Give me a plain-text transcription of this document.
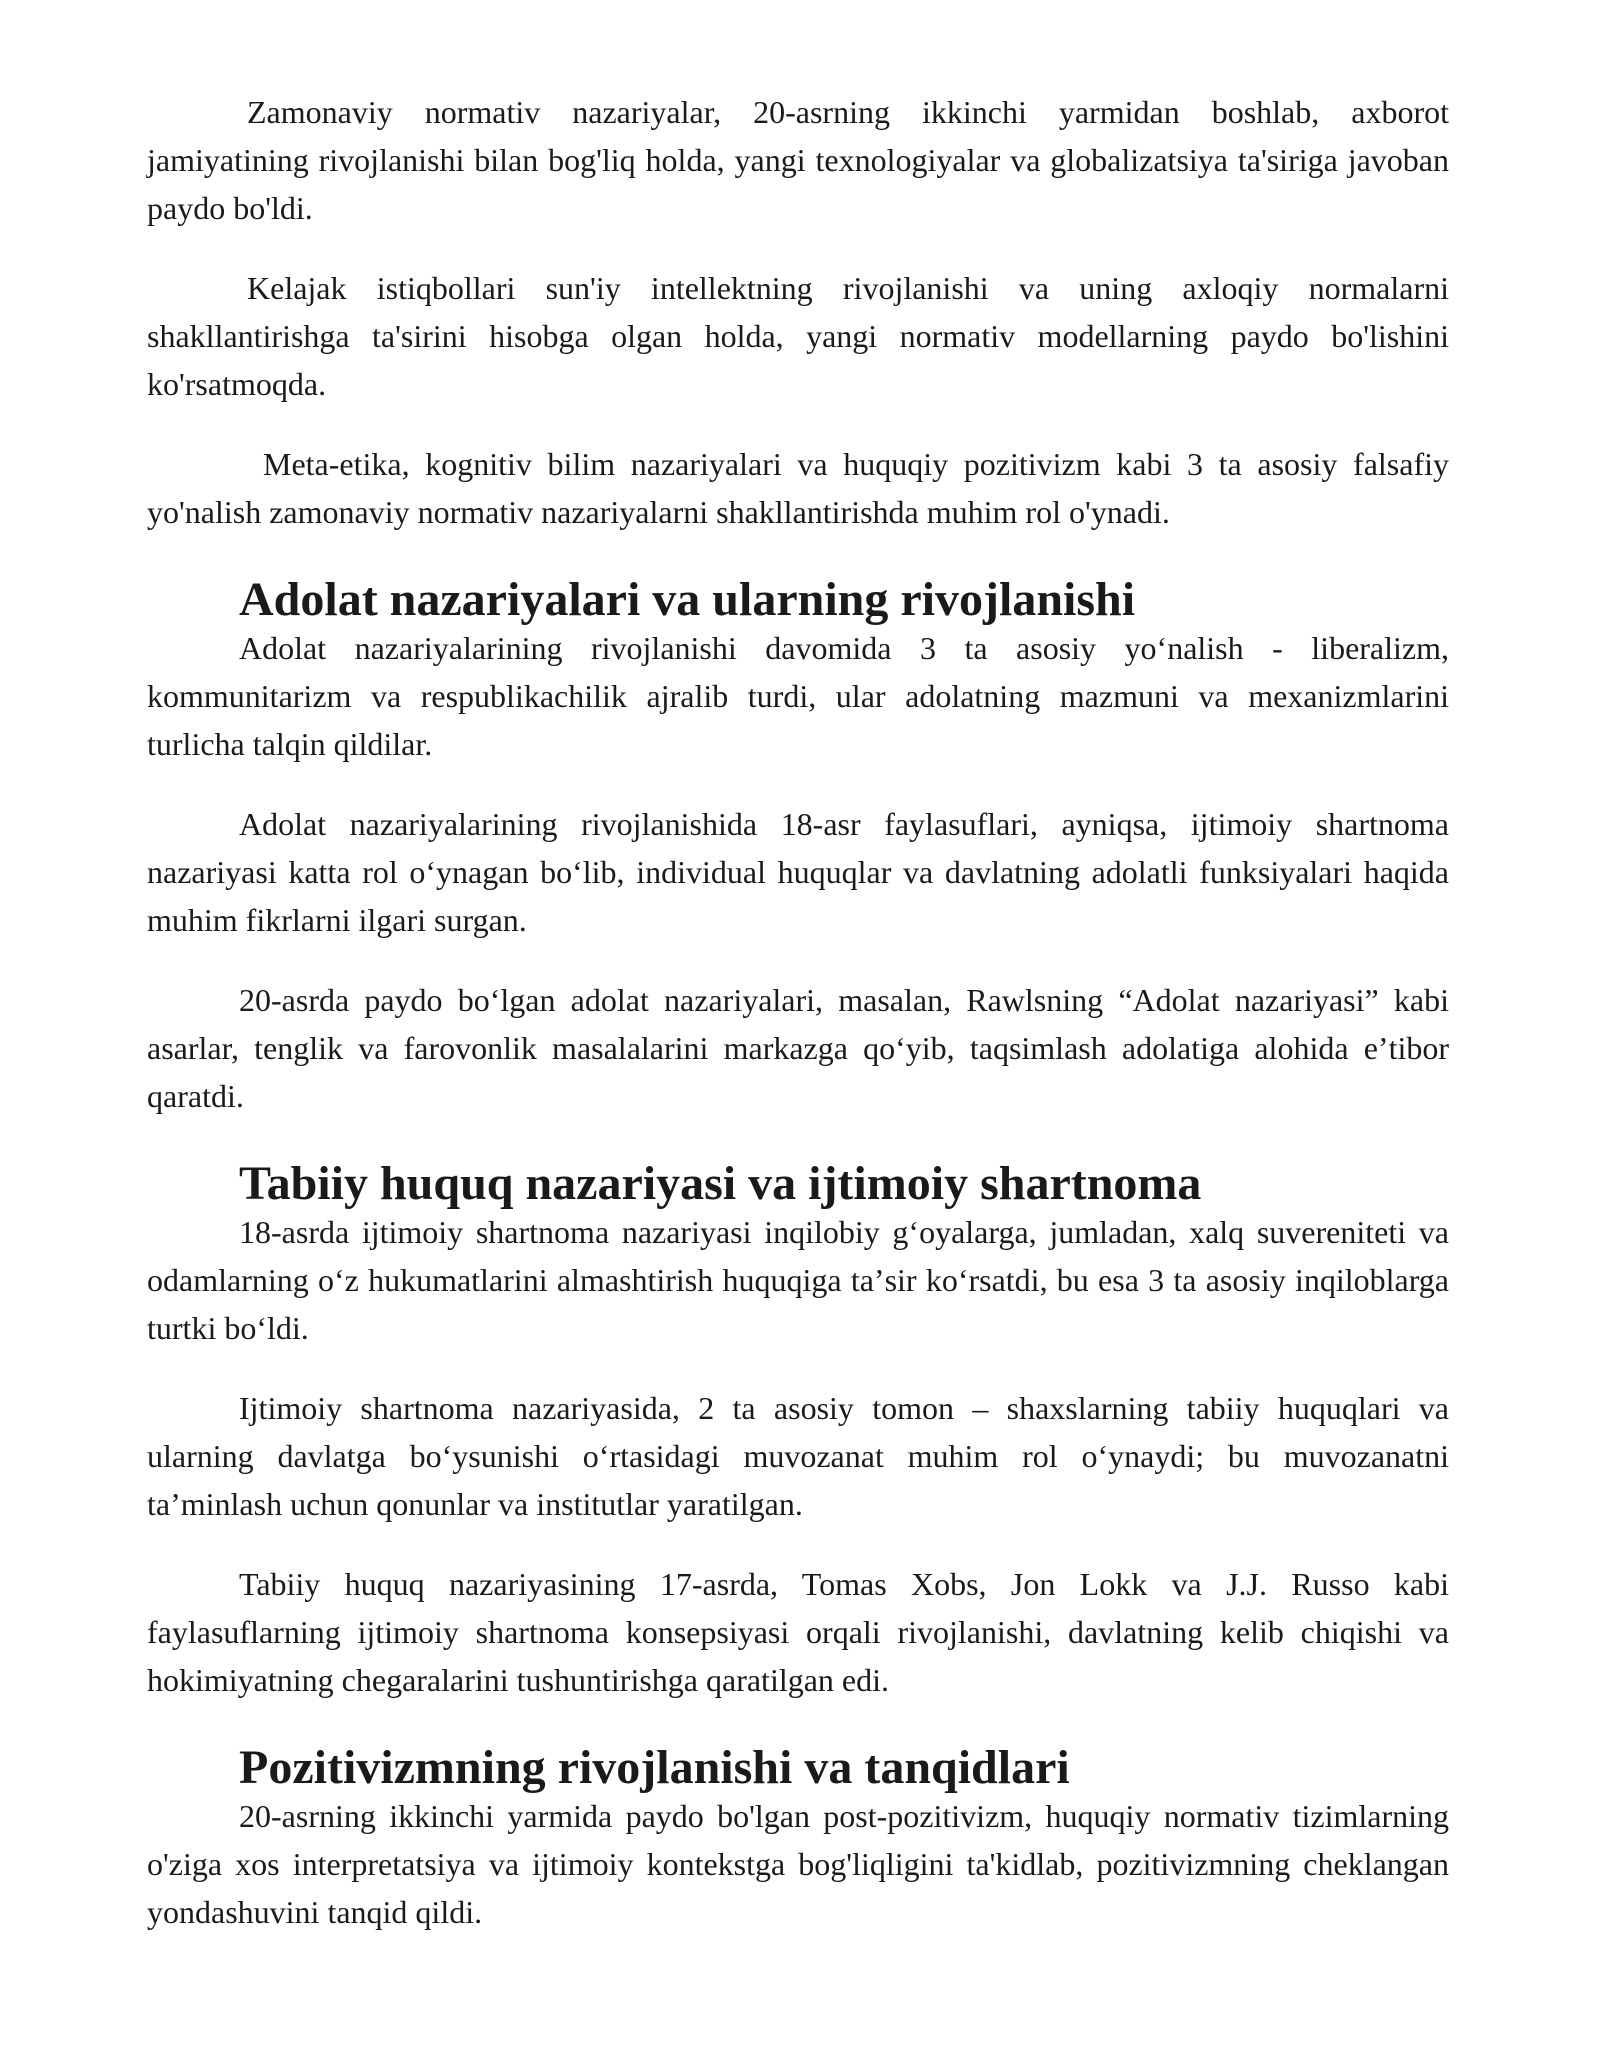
Zamonaviy normativ nazariyalar, 20-asrning ikkinchi yarmidan boshlab, axborot jamiyatining rivojlanishi bilan bog'liq holda, yangi texnologiyalar va globalizatsiya ta'siriga javoban paydo bo'ldi.

Kelajak istiqbollari sun'iy intellektning rivojlanishi va uning axloqiy normalarni shakllantirishga ta'sirini hisobga olgan holda, yangi normativ modellarning paydo bo'lishini ko'rsatmoqda.

Meta-etika, kognitiv bilim nazariyalari va huquqiy pozitivizm kabi 3 ta asosiy falsafiy yo'nalish zamonaviy normativ nazariyalarni shakllantirishda muhim rol o'ynadi.

Adolat nazariyalari va ularning rivojlanishi

Adolat nazariyalarining rivojlanishi davomida 3 ta asosiy yoʻnalish - liberalizm, kommunitarizm va respublikachilik ajralib turdi, ular adolatning mazmuni va mexanizmlarini turlicha talqin qildilar.

Adolat nazariyalarining rivojlanishida 18-asr faylasuflari, ayniqsa, ijtimoiy shartnoma nazariyasi katta rol oʻynagan boʻlib, individual huquqlar va davlatning adolatli funksiyalari haqida muhim fikrlarni ilgari surgan.

20-asrda paydo boʻlgan adolat nazariyalari, masalan, Rawlsning “Adolat nazariyasi” kabi asarlar, tenglik va farovonlik masalalarini markazga qoʻyib, taqsimlash adolatiga alohida eʼtibor qaratdi.

Tabiiy huquq nazariyasi va ijtimoiy shartnoma

18-asrda ijtimoiy shartnoma nazariyasi inqilobiy gʻoyalarga, jumladan, xalq suvereniteti va odamlarning oʻz hukumatlarini almashtirish huquqiga taʼsir koʻrsatdi, bu esa 3 ta asosiy inqiloblarga turtki boʻldi.

Ijtimoiy shartnoma nazariyasida, 2 ta asosiy tomon – shaxslarning tabiiy huquqlari va ularning davlatga boʻysunishi oʻrtasidagi muvozanat muhim rol oʻynaydi; bu muvozanatni taʼminlash uchun qonunlar va institutlar yaratilgan.

Tabiiy huquq nazariyasining 17-asrda, Tomas Xobs, Jon Lokk va J.J. Russo kabi faylasuflarning ijtimoiy shartnoma konsepsiyasi orqali rivojlanishi, davlatning kelib chiqishi va hokimiyatning chegaralarini tushuntirishga qaratilgan edi.

Pozitivizmning rivojlanishi va tanqidlari

20-asrning ikkinchi yarmida paydo bo'lgan post-pozitivizm, huquqiy normativ tizimlarning o'ziga xos interpretatsiya va ijtimoiy kontekstga bog'liqligini ta'kidlab, pozitivizmning cheklangan yondashuvini tanqid qildi.
